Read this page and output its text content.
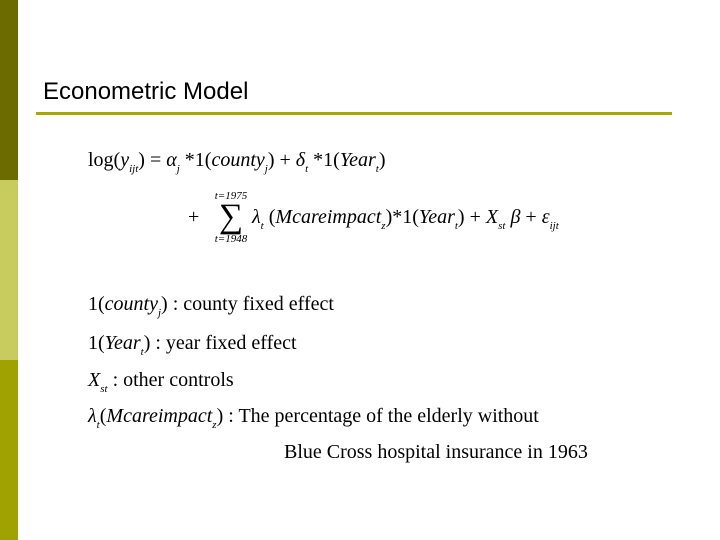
Econometric Model
$\log(y_{ijt}) = \alpha_j$ *1(county$_j$) + $\delta_t$ *1(Year$_t$)
+
t=1975
∑
t=1948
$\lambda_t$ (Mcareimpact$_z$)*1(Year$_t$) + $X_{st}$ $\beta + \varepsilon_{ijt}$
1(county$_j$) : county fixed effect
1(Year$_t$) : year fixed effect
$X_{st}$ : other controls
$\lambda_t(Mcareimpact_z)$ : The percentage of the elderly without
Blue Cross hospital insurance in 1963
